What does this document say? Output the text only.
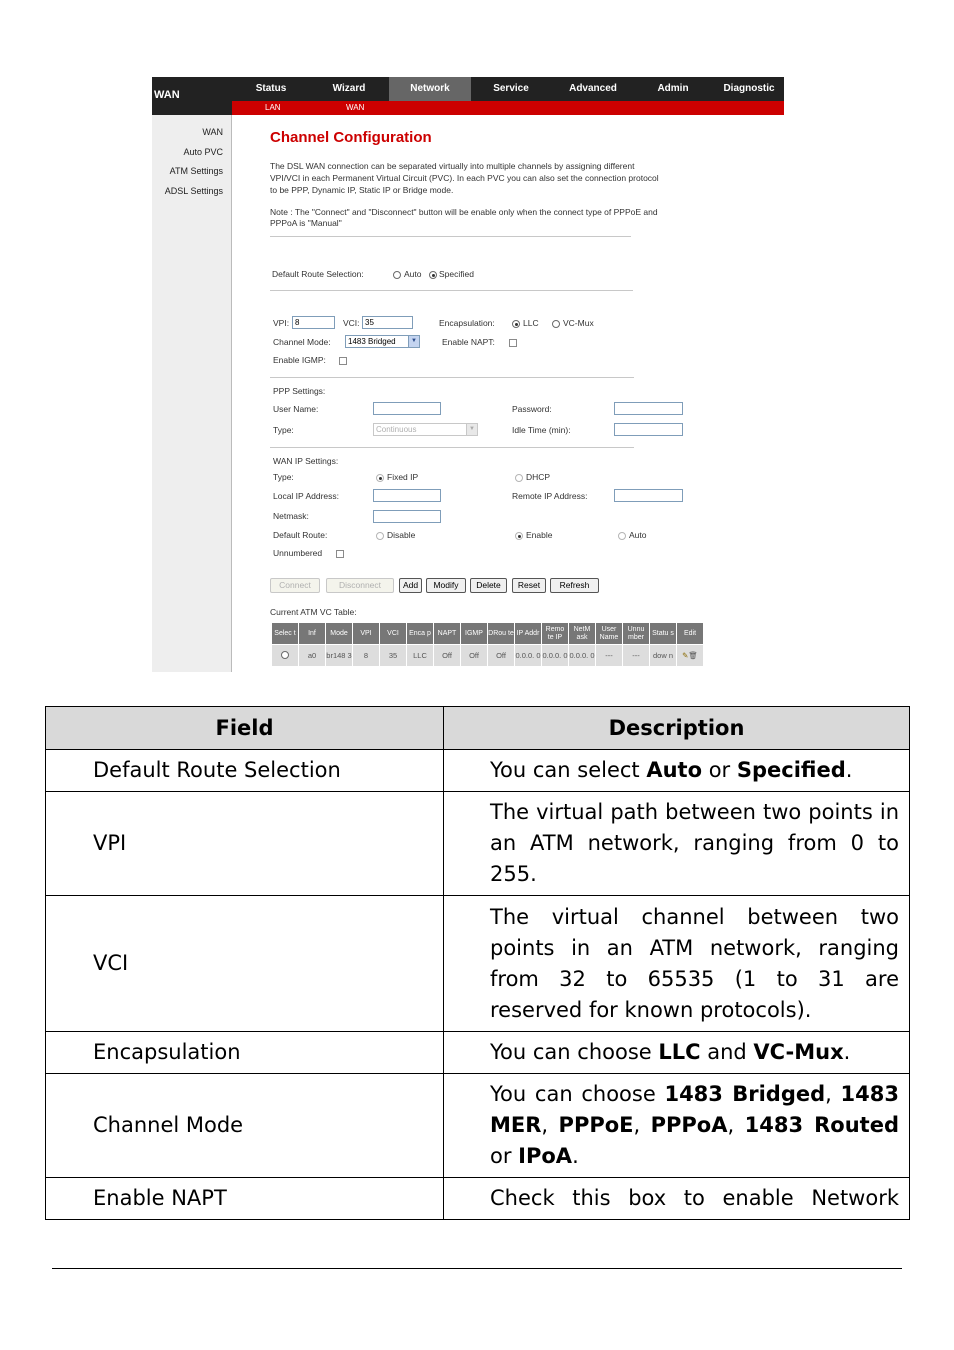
WAN
Status	Wizard	Network	Service	Advanced	Admin	Diagnostic
LAN	WAN
WAN
Auto PVC
ATM Settings
ADSL Settings
Channel Configuration
The DSL WAN connection can be separated virtually into multiple channels by assigning different
VPI/VCI in each Permanent Virtual Circuit (PVC). In each PVC you can also set the connection protocol
to be PPP, Dynamic IP, Static IP or Bridge mode.
Note : The "Connect" and "Disconnect" button will be enable only when the connect type of PPPoE and
PPPoA is "Manual"
Default Route Selection:	Auto Specified
VPI: 8	VCI: 35	Encapsulation:	LLC	VC-Mux
Channel Mode:	1483 Bridged	▼	Enable NAPT:
Enable IGMP:
PPP Settings:
User Name:	Password:
Type:	Continuous	▼	Idle Time (min):
WAN IP Settings:
Type:	Fixed IP	DHCP
Local IP Address:	Remote IP Address:
Netmask:
Default Route:	Disable	Enable	Auto
Unnumbered
Connect	Disconnect	Add	Modify	Delete	Reset	Refresh
Current ATM VC Table:
Selec t	Inf	Mode	VPI	VCI	Enca p	NAPT	IGMP	DRou te	IP Addr	Remo te IP	NetM ask	User Name	Unnu mber	Statu s	Edit
	a0	br148 3	8	35	LLC	Off	Off	Off	0.0.0. 0	0.0.0. 0	0.0.0. 0	---	---	dow n	✎🗑
Field	Description
Default Route Selection	You can select Auto or Specified.
VPI	The virtual path between two points in an ATM network, ranging from 0 to 255.
VCI	The virtual channel between two points in an ATM network, ranging from 32 to 65535 (1 to 31 are reserved for known protocols).
Encapsulation	You can choose LLC and VC-Mux.
Channel Mode	You can choose 1483 Bridged, 1483 MER, PPPoE, PPPoA, 1483 Routed or IPoA.
Enable NAPT	Check this box to enable Network
